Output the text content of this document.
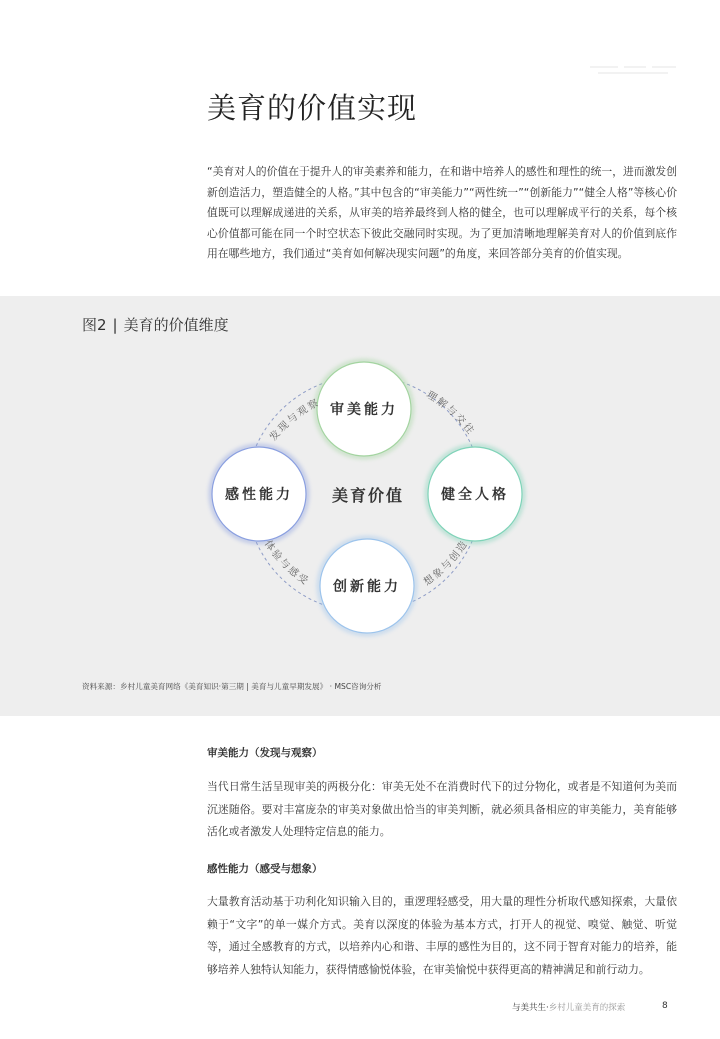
美育的价值实现

“美育对人的价值在于提升人的审美素养和能力，在和谐中培养人的感性和理性的统一，进而激发创新创造活力，塑造健全的人格。”其中包含的“审美能力”“两性统一”“创新能力”“健全人格”等核心价值既可以理解成递进的关系，从审美的培养最终到人格的健全，也可以理解成平行的关系，每个核心价值都可能在同一个时空状态下彼此交融同时实现。为了更加清晰地理解美育对人的价值到底作用在哪些地方，我们通过“美育如何解决现实问题”的角度，来回答部分美育的价值实现。

图2 | 美育的价值维度
审美能力
感性能力	健全人格
创新能力
美育价值
发现与观察	理解与交往
体验与感受	想象与创造
资料来源：乡村儿童美育网络《美育知识·第三期 | 美育与儿童早期发展》 · MSC咨询分析
审美能力（发现与观察）

当代日常生活呈现审美的两极分化：审美无处不在消费时代下的过分物化，或者是不知道何为美而沉迷随俗。要对丰富庞杂的审美对象做出恰当的审美判断，就必须具备相应的审美能力，美育能够活化或者激发人处理特定信息的能力。

感性能力（感受与想象）

大量教育活动基于功利化知识输入目的，重逻理轻感受，用大量的理性分析取代感知探索，大量依赖于“文字”的单一媒介方式。美育以深度的体验为基本方式，打开人的视觉、嗅觉、触觉、听觉等，通过全感教育的方式，以培养内心和谐、丰厚的感性为目的，这不同于智育对能力的培养，能够培养人独特认知能力，获得情感愉悦体验，在审美愉悦中获得更高的精神满足和前行动力。

与美共生·乡村儿童美育的探索	8
